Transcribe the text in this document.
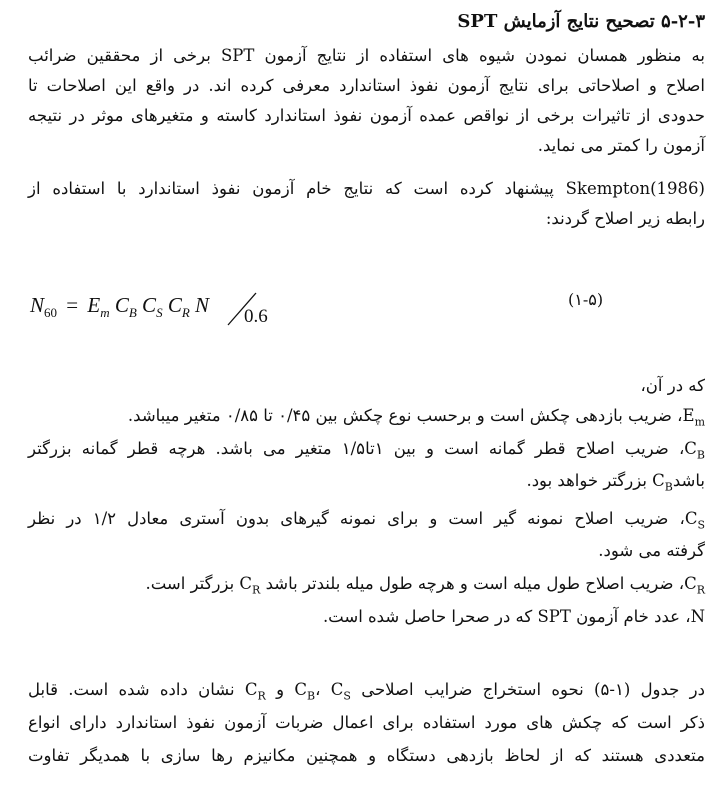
۵-۲-۳ تصحیح نتایج آزمایش SPT
به منظور همسان نمودن شیوه های استفاده از نتایج آزمون SPT برخی از محققین ضرائب
اصلاح و اصلاحاتی برای نتایج آزمون نفوذ استاندارد معرفی کرده اند. در واقع این اصلاحات تا
حدودی از تاثیرات برخی از نواقص عمده آزمون نفوذ استاندارد کاسته و متغیرهای موثر در نتیجه
آزمون را کمتر می نماید.
Skempton(1986) پیشنهاد کرده است که نتایج خام آزمون نفوذ استاندارد با استفاده از
رابطه زیر اصلاح گردند:
$N_{60} = E_m$ $C_B$ $C_S$ $C_R$ N 0.6
(۱-۵)
که در آن،
$E_m،$ ضریب بازدهی چکش است و برحسب نوع چکش بین ۰/۴۵ تا ۰/۸۵ متغیر میباشد.
$C_B،$ ضریب اصلاح قطر گمانه است و بین ۱تا۱/۵ متغیر می باشد. هرچه قطر گمانه بزرگتر
باشدC$_B$ بزرگتر خواهد بود.
$C_S،$ ضریب اصلاح نمونه گیر است و برای نمونه گیرهای بدون آستری معادل ۱/۲ در نظر
گرفته می شود.
$C_R،$ ضریب اصلاح طول میله است و هرچه طول میله بلندتر باشد $C_R$ بزرگتر است.
N، عدد خام آزمون SPT که در صحرا حاصل شده است.
در جدول (۱-۵) نحوه استخراج ضرایب اصلاحی $C_B،$ $C_S$ و $C_R$ نشان داده شده است. قابل
ذکر است که چکش های مورد استفاده برای اعمال ضربات آزمون نفوذ استاندارد دارای انواع
متعددی هستند که از لحاظ بازدهی دستگاه و همچنین مکانیزم رها سازی با همدیگر تفاوت
